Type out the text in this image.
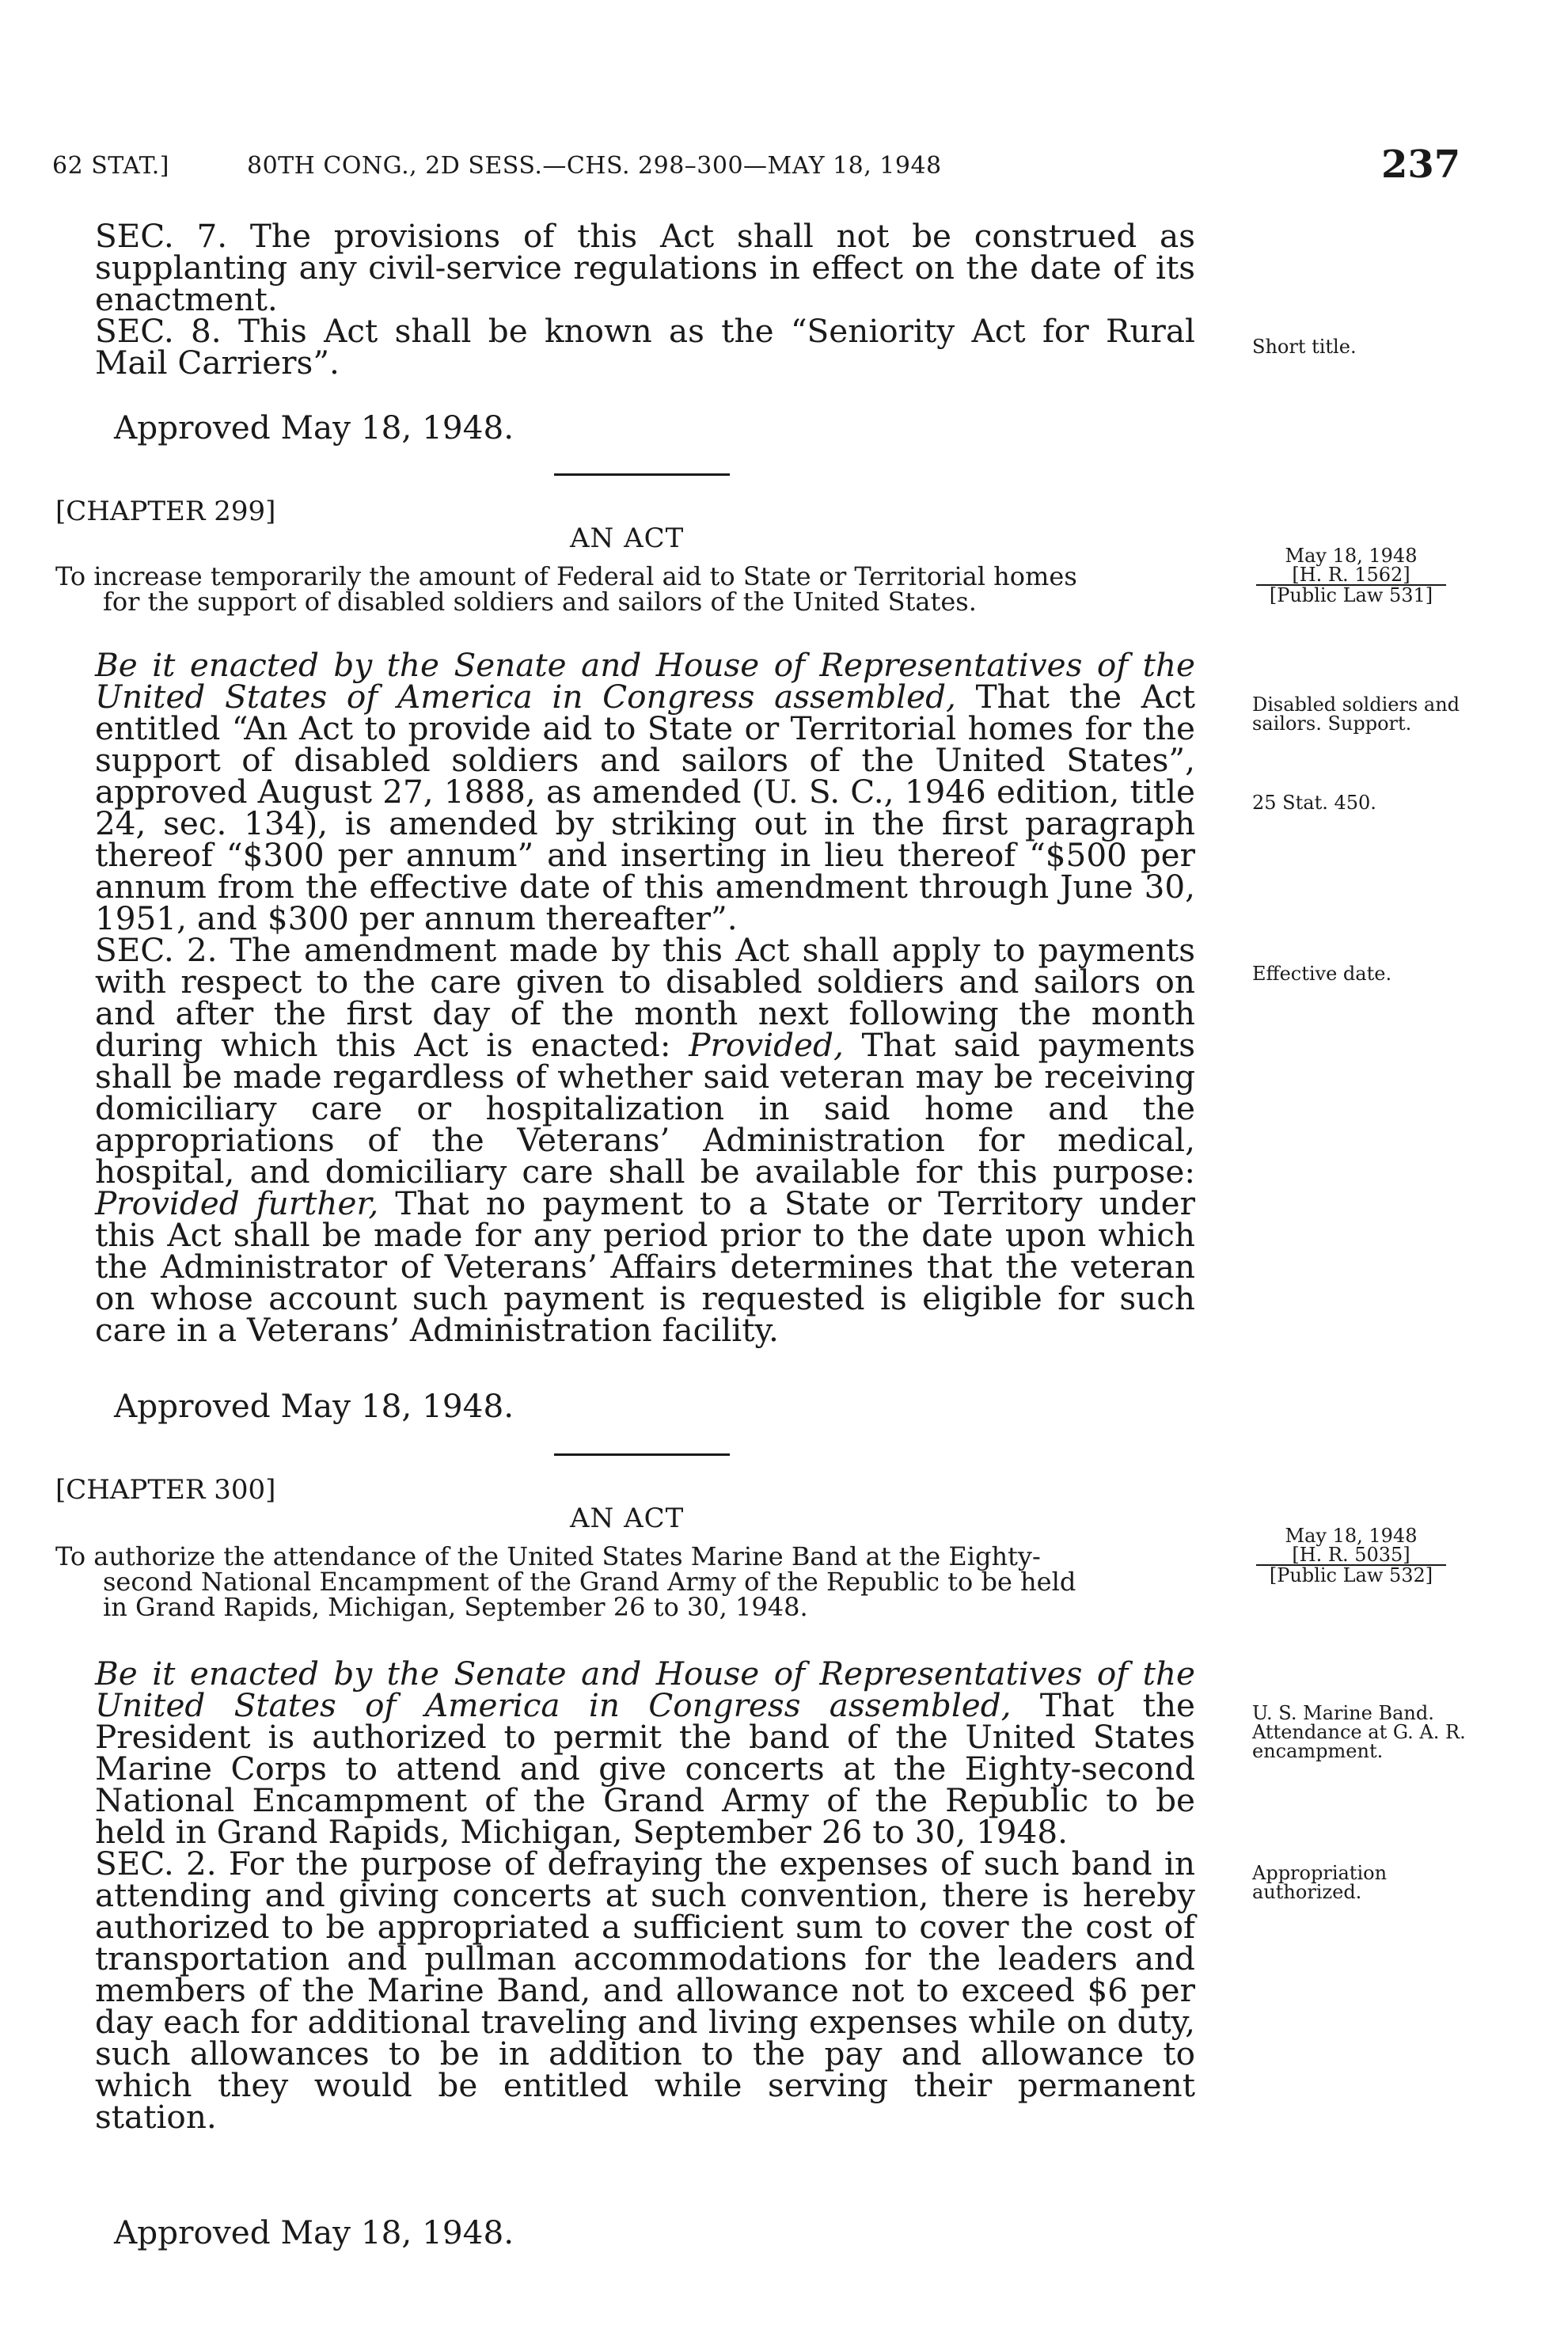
62 STAT.]	80TH CONG., 2D SESS.—CHS. 298–300—MAY 18, 1948	237

SEC. 7. The provisions of this Act shall not be construed as supplanting any civil-service regulations in effect on the date of its enactment.

SEC. 8. This Act shall be known as the “Seniority Act for Rural Mail Carriers”.

Approved May 18, 1948.
Short title.
[CHAPTER 299]
AN ACT
To increase temporarily the amount of Federal aid to State or Territorial homes
for the support of disabled soldiers and sailors of the United States.
May 18, 1948
[H. R. 1562]
[Public Law 531]

Be it enacted by the Senate and House of Representatives of the United States of America in Congress assembled, That the Act entitled “An Act to provide aid to State or Territorial homes for the support of disabled soldiers and sailors of the United States”, approved August 27, 1888, as amended (U. S. C., 1946 edition, title 24, sec. 134), is amended by striking out in the first paragraph thereof “$300 per annum” and inserting in lieu thereof “$500 per annum from the effective date of this amendment through June 30, 1951, and $300 per annum thereafter”.

SEC. 2. The amendment made by this Act shall apply to payments with respect to the care given to disabled soldiers and sailors on and after the first day of the month next following the month during which this Act is enacted: Provided, That said payments shall be made regardless of whether said veteran may be receiving domiciliary care or hospitalization in said home and the appropriations of the Veterans’ Administration for medical, hospital, and domiciliary care shall be available for this purpose: Provided further, That no payment to a State or Territory under this Act shall be made for any period prior to the date upon which the Administrator of Veterans’ Affairs determines that the veteran on whose account such payment is requested is eligible for such care in a Veterans’ Administration facility.

Approved May 18, 1948.
Disabled soldiers and sailors. Support.
25 Stat. 450.
Effective date.
[CHAPTER 300]
AN ACT
To authorize the attendance of the United States Marine Band at the Eighty-
second National Encampment of the Grand Army of the Republic to be held
in Grand Rapids, Michigan, September 26 to 30, 1948.
May 18, 1948
[H. R. 5035]
[Public Law 532]

Be it enacted by the Senate and House of Representatives of the United States of America in Congress assembled, That the President is authorized to permit the band of the United States Marine Corps to attend and give concerts at the Eighty-second National Encampment of the Grand Army of the Republic to be held in Grand Rapids, Michigan, September 26 to 30, 1948.

SEC. 2. For the purpose of defraying the expenses of such band in attending and giving concerts at such convention, there is hereby authorized to be appropriated a sufficient sum to cover the cost of transportation and pullman accommodations for the leaders and members of the Marine Band, and allowance not to exceed $6 per day each for additional traveling and living expenses while on duty, such allowances to be in addition to the pay and allowance to which they would be entitled while serving their permanent station.

Approved May 18, 1948.
U. S. Marine Band. Attendance at G. A. R. encampment.
Appropriation authorized.
